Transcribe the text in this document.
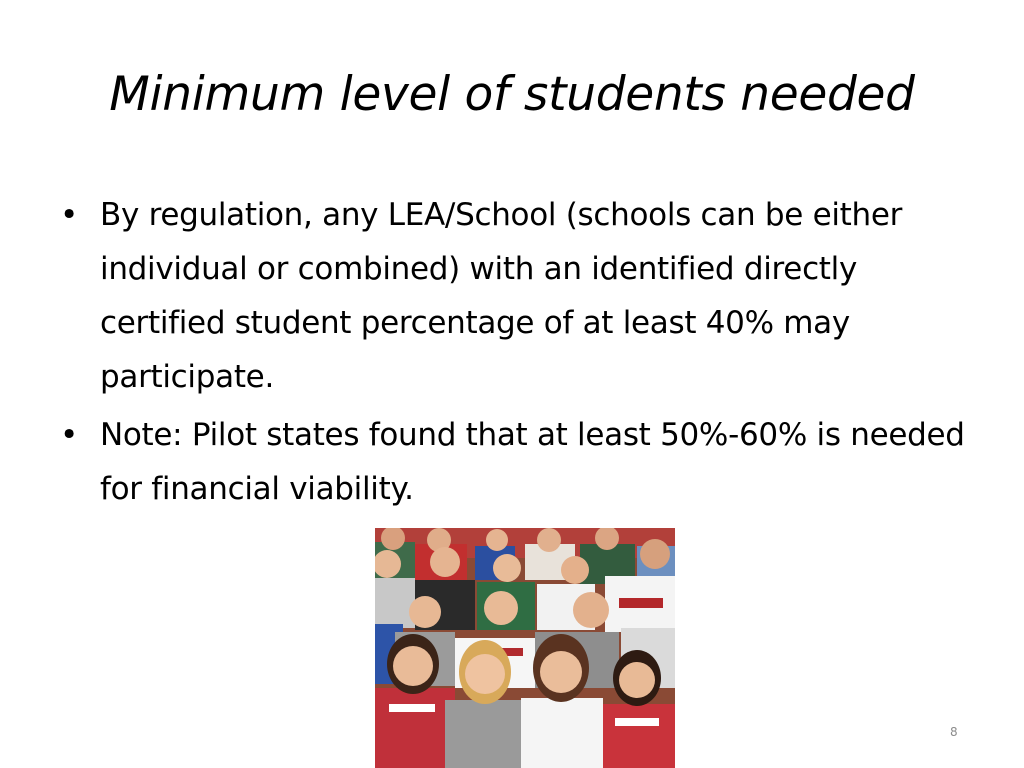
Minimum level of students needed
• By regulation, any LEA/School (schools can be either individual or combined) with an identified directly certified student percentage of at least 40% may participate.
• Note: Pilot states found that at least 50%-60% is needed for financial viability.
8
